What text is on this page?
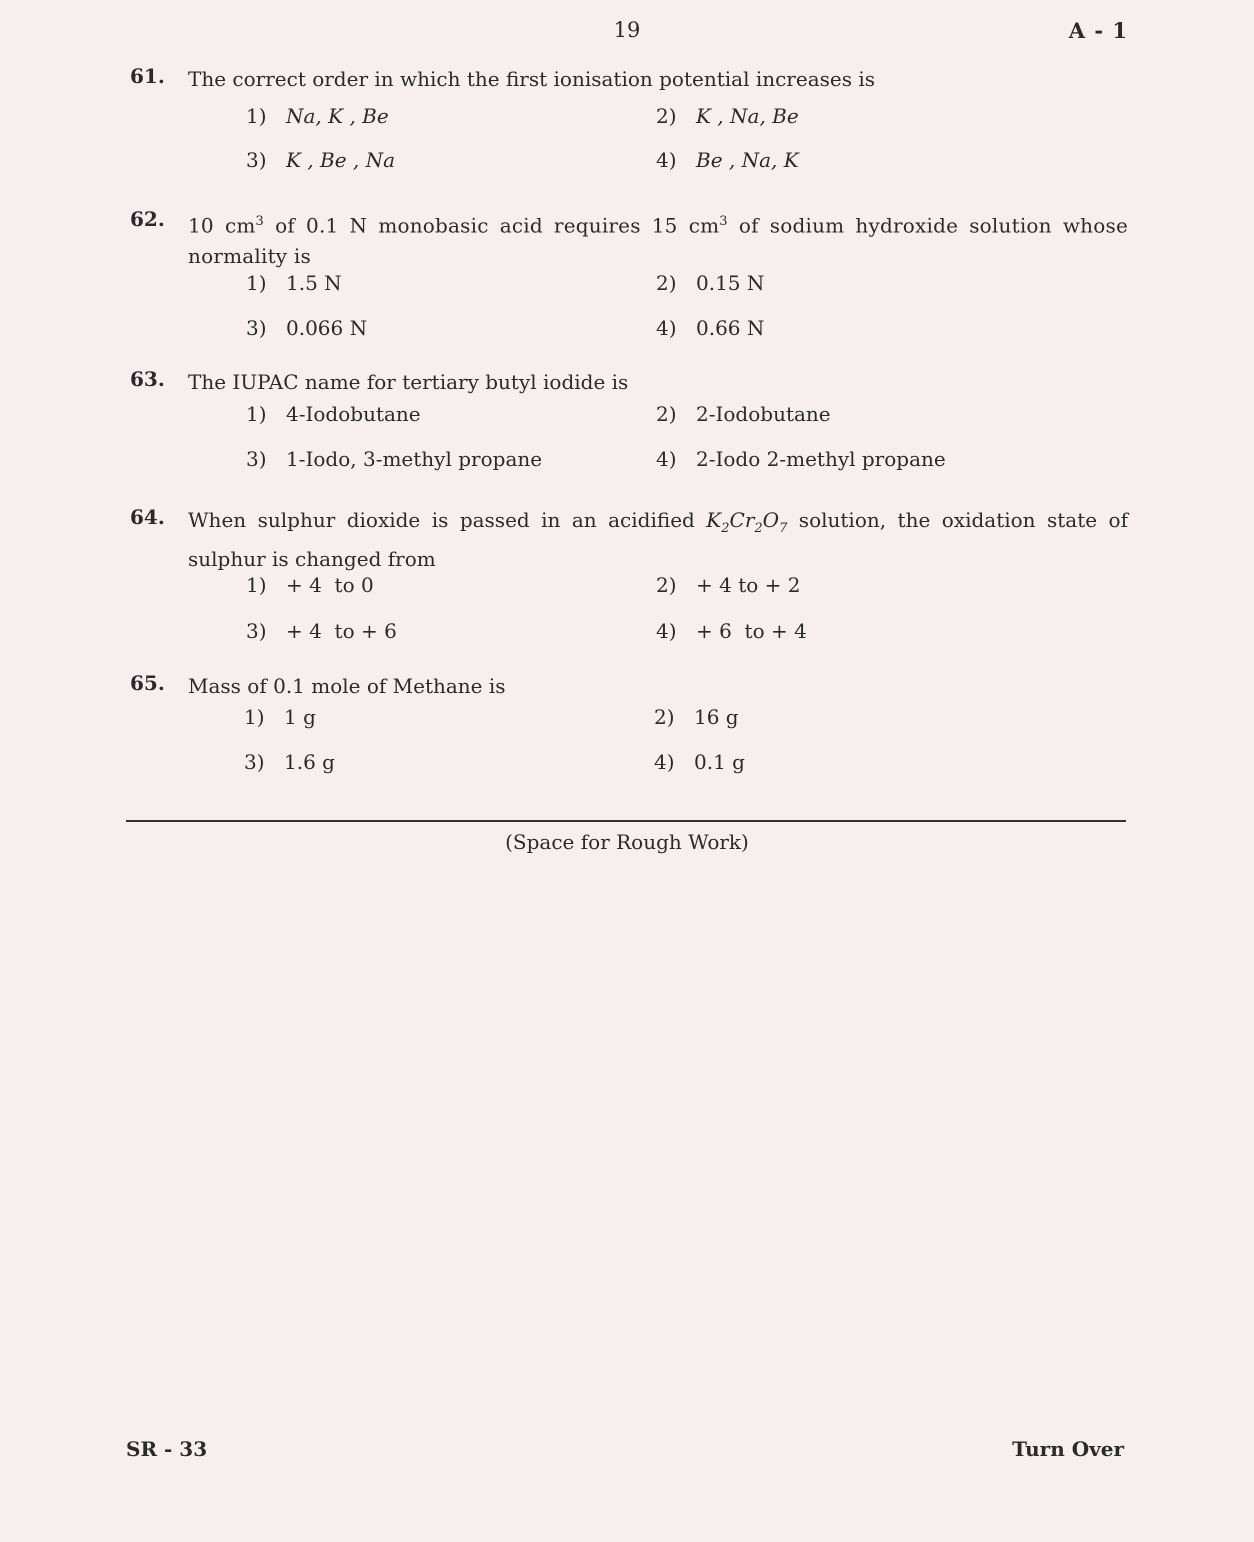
19	A - 1
61. The correct order in which the first ionisation potential increases is
1) Na, K , Be	2) K , Na, Be
3) K , Be , Na	4) Be , Na, K
62. 10 $cm^3$ of 0.1 N monobasic acid requires 15 $cm^3$ of sodium hydroxide solution whose normality is
1) 1.5 N	2) 0.15 N
3) 0.066 N	4) 0.66 N
63. The IUPAC name for tertiary butyl iodide is
1) 4-Iodobutane	2) 2-Iodobutane
3) 1-Iodo, 3-methyl propane	4) 2-Iodo 2-methyl propane
64. When sulphur dioxide is passed in an acidified $K_2Cr_2O_7$ solution, the oxidation state of sulphur is changed from
1) + 4  to 0	2) + 4 to + 2
3) + 4  to + 6	4) + 6  to + 4
65. Mass of 0.1 mole of Methane is
1) 1 g	2) 16 g
3) 1.6 g	4) 0.1 g
(Space for Rough Work)
SR - 33	Turn Over
